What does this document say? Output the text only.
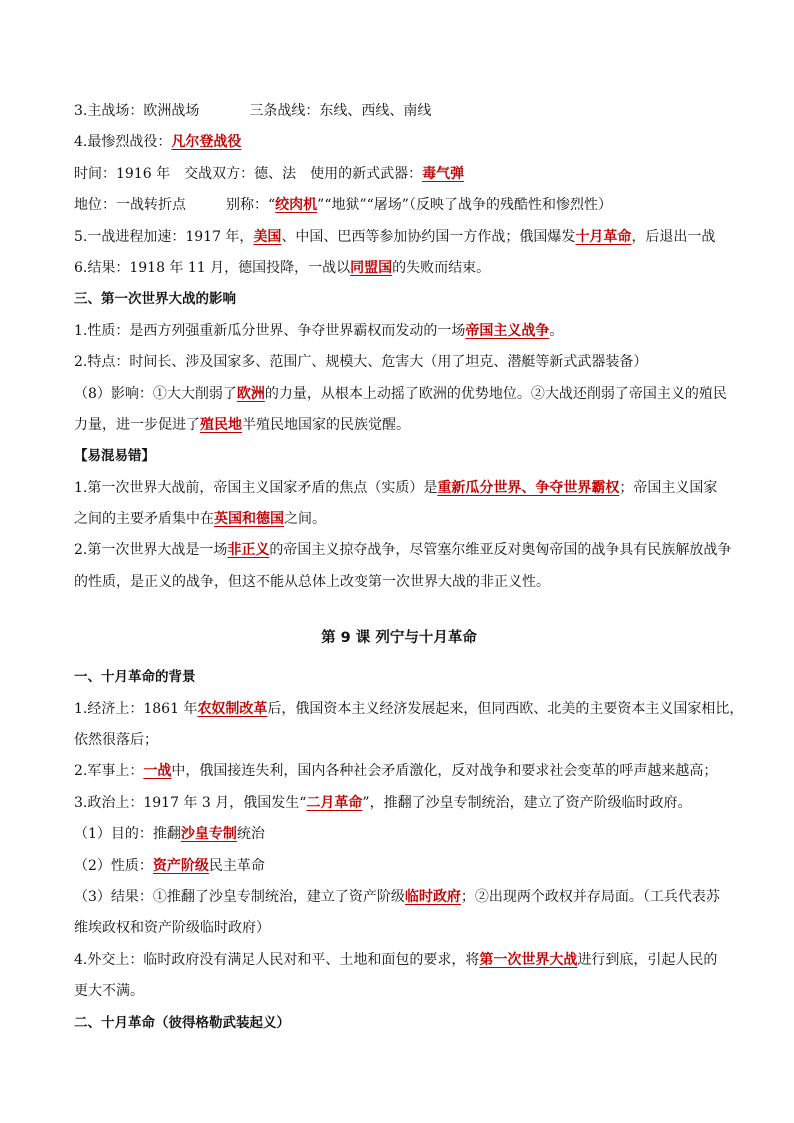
3.主战场：欧洲战场	三条战线：东线、西线、南线
4.最惨烈战役：凡尔登战役
时间：1916 年　交战双方：德、法　使用的新式武器：毒气弹
地位：一战转折点	别称：“绞肉机”“地狱”“屠场”（反映了战争的残酷性和惨烈性）
5.一战进程加速：1917 年，美国、中国、巴西等参加协约国一方作战；俄国爆发十月革命，后退出一战
6.结果：1918 年 11 月，德国投降，一战以同盟国的失败而结束。
三、第一次世界大战的影响
1.性质：是西方列强重新瓜分世界、争夺世界霸权而发动的一场帝国主义战争。
2.特点：时间长、涉及国家多、范围广、规模大、危害大（用了坦克、潜艇等新式武器装备）
（8）影响：①大大削弱了欧洲的力量，从根本上动摇了欧洲的优势地位。②大战还削弱了帝国主义的殖民
力量，进一步促进了殖民地半殖民地国家的民族觉醒。
【易混易错】
1.第一次世界大战前，帝国主义国家矛盾的焦点（实质）是重新瓜分世界、争夺世界霸权；帝国主义国家
之间的主要矛盾集中在英国和德国之间。
2.第一次世界大战是一场非正义的帝国主义掠夺战争，尽管塞尔维亚反对奥匈帝国的战争具有民族解放战争
的性质，是正义的战争，但这不能从总体上改变第一次世界大战的非正义性。
第 9 课 列宁与十月革命
一、十月革命的背景
1.经济上：1861 年农奴制改革后，俄国资本主义经济发展起来，但同西欧、北美的主要资本主义国家相比，
依然很落后；
2.军事上：一战中，俄国接连失利，国内各种社会矛盾激化，反对战争和要求社会变革的呼声越来越高；
3.政治上：1917 年 3 月，俄国发生“二月革命”，推翻了沙皇专制统治，建立了资产阶级临时政府。
（1）目的：推翻沙皇专制统治
（2）性质：资产阶级民主革命
（3）结果：①推翻了沙皇专制统治，建立了资产阶级临时政府；②出现两个政权并存局面。（工兵代表苏
维埃政权和资产阶级临时政府）
4.外交上：临时政府没有满足人民对和平、土地和面包的要求，将第一次世界大战进行到底，引起人民的
更大不满。
二、十月革命（彼得格勒武装起义）
